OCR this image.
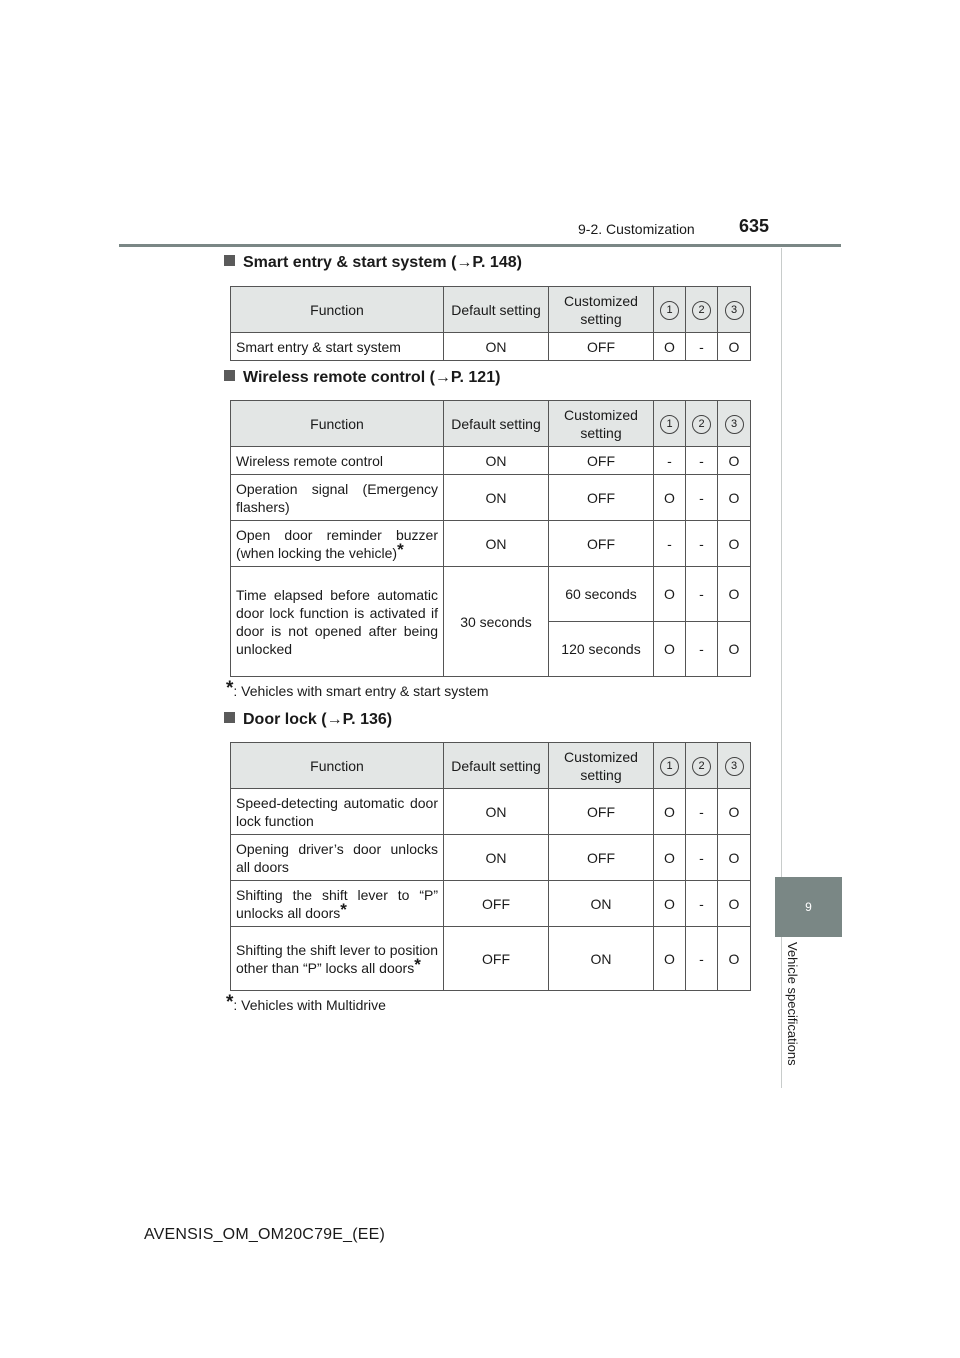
9-2. Customization 635
9
Vehicle specifications
Smart entry & start system (→P. 148)
Function	Default setting	Customized setting	1	2	3
Smart entry & start system	ON	OFF	O	-	O
Wireless remote control (→P. 121)
Function	Default setting	Customized setting	1	2	3
Wireless remote control	ON	OFF	-	-	O
Operation signal (Emergency flashers)	ON	OFF	O	-	O
Open door reminder buzzer (when locking the vehicle)*	ON	OFF	-	-	O
Time elapsed before automatic door lock function is activated if door is not opened after being unlocked	30 seconds	60 seconds	O	-	O
		120 seconds	O	-	O
*: Vehicles with smart entry & start system
Door lock (→P. 136)
Function	Default setting	Customized setting	1	2	3
Speed-detecting automatic door lock function	ON	OFF	O	-	O
Opening driver’s door unlocks all doors	ON	OFF	O	-	O
Shifting the shift lever to “P” unlocks all doors*	OFF	ON	O	-	O
Shifting the shift lever to position other than “P” locks all doors*	OFF	ON	O	-	O
*: Vehicles with Multidrive
AVENSIS_OM_OM20C79E_(EE)
